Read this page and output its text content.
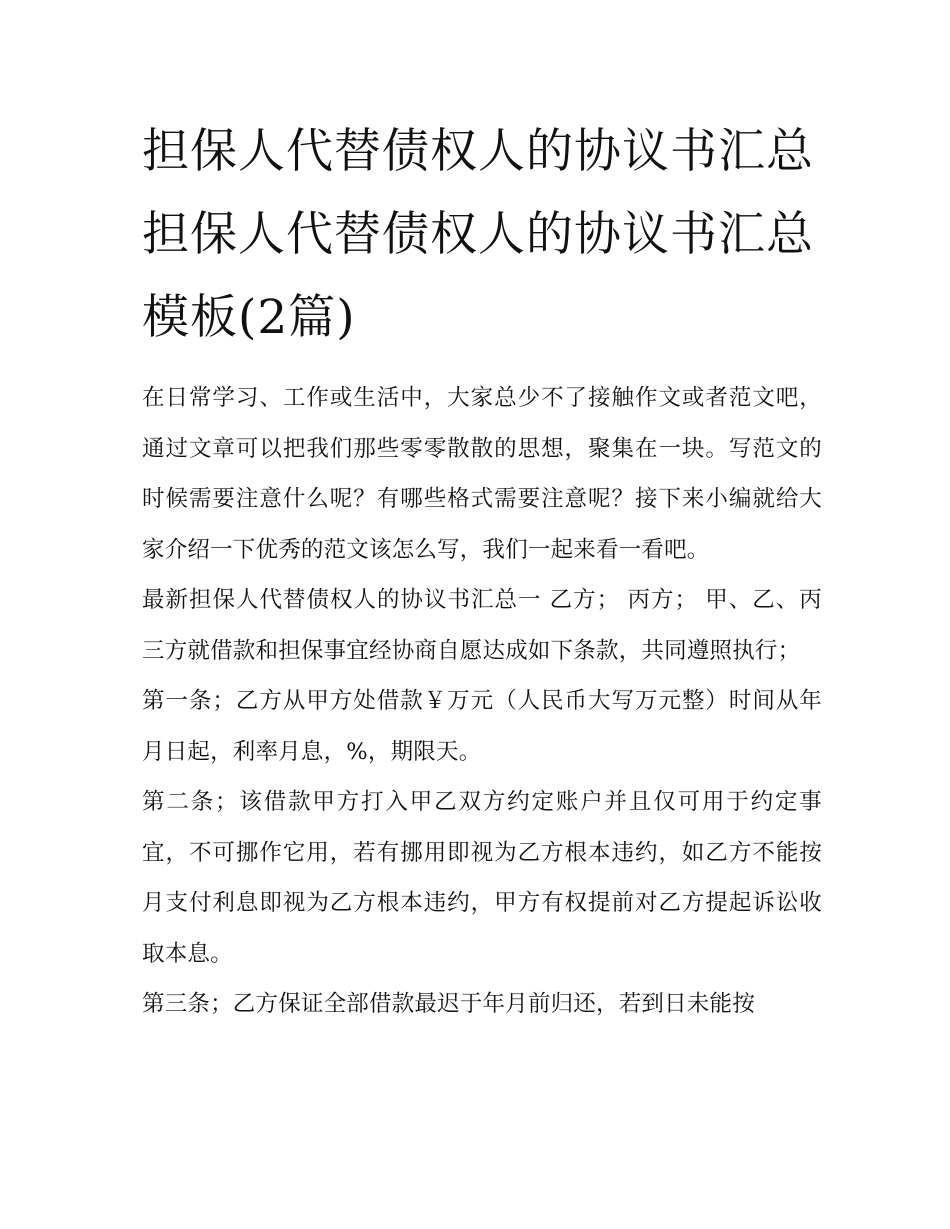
担保人代替债权人的协议书汇总 担保人代替债权人的协议书汇总模板(2篇)

在日常学习、工作或生活中，大家总少不了接触作文或者范文吧，通过文章可以把我们那些零零散散的思想，聚集在一块。写范文的时候需要注意什么呢？有哪些格式需要注意呢？接下来小编就给大家介绍一下优秀的范文该怎么写，我们一起来看一看吧。

最新担保人代替债权人的协议书汇总一 乙方； 丙方； 甲、乙、丙三方就借款和担保事宜经协商自愿达成如下条款，共同遵照执行；

第一条；乙方从甲方处借款￥万元（人民币大写万元整）时间从年月日起，利率月息，%，期限天。

第二条；该借款甲方打入甲乙双方约定账户并且仅可用于约定事宜，不可挪作它用，若有挪用即视为乙方根本违约，如乙方不能按月支付利息即视为乙方根本违约，甲方有权提前对乙方提起诉讼收取本息。

第三条；乙方保证全部借款最迟于年月前归还，若到日未能按
